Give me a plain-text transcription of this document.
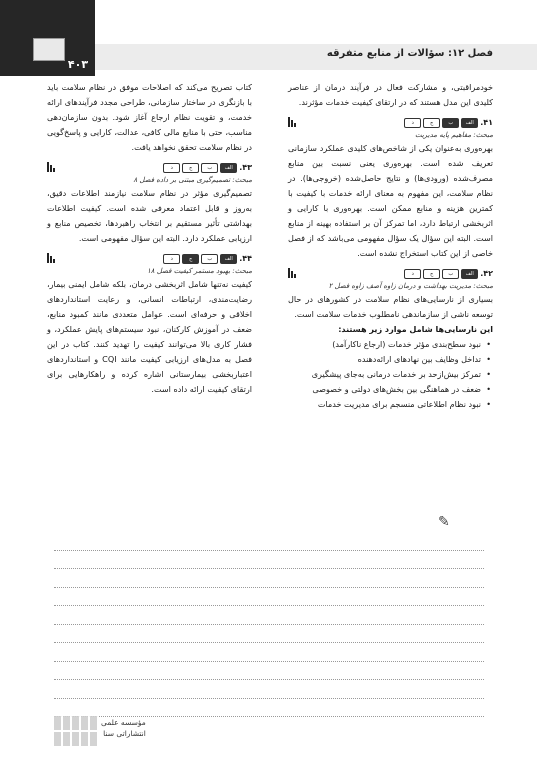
۴۰۳
فصل ۱۲: سؤالات از منابع متفرقه

خودمراقبتی، و مشارکت فعال در فرآیند درمان از عناصر کلیدی این مدل هستند که در ارتقای کیفیت خدمات مؤثرند.

۴۱.
الف
ب
ج
د
مبحث: مفاهیم پایه مدیریت

بهره‌وری به‌عنوان یکی از شاخص‌های کلیدی عملکرد سازمانی تعریف شده است. بهره‌وری یعنی نسبت بین منابع مصرف‌شده (ورودی‌ها) و نتایج حاصل‌شده (خروجی‌ها). در نظام سلامت، این مفهوم به معنای ارائه خدمات با کیفیت با کمترین هزینه و منابع ممکن است. بهره‌وری با کارایی و اثربخشی ارتباط دارد، اما تمرکز آن بر استفاده بهینه از منابع است. البته این سؤال یک سؤال مفهومی می‌باشد که از فصل خاصی از این کتاب استخراج نشده است.

۴۲.
الف
ب
ج
د
مبحث: مدیریت بهداشت و درمان زاوه آصف زاوه فصل ۲

بسیاری از نارسایی‌های نظام سلامت در کشورهای در حال توسعه ناشی از سازماندهی نامطلوب خدمات سلامت است.

این نارسایی‌ها شامل موارد زیر هستند:

• نبود سطح‌بندی مؤثر خدمات (ارجاع ناکارآمد)
• تداخل وظایف بین نهادهای ارائه‌دهنده
• تمرکز بیش‌ازحد بر خدمات درمانی به‌جای پیشگیری
• ضعف در هماهنگی بین بخش‌های دولتی و خصوصی
• نبود نظام اطلاعاتی منسجم برای مدیریت خدمات

کتاب تصریح می‌کند که اصلاحات موفق در نظام سلامت باید با بازنگری در ساختار سازمانی، طراحی مجدد فرآیندهای ارائه خدمت، و تقویت نظام ارجاع آغاز شود. بدون سازمان‌دهی مناسب، حتی با منابع مالی کافی، عدالت، کارایی و پاسخ‌گویی در نظام سلامت تحقق نخواهد یافت.

۴۳.
الف
ب
ج
د
مبحث: تصمیم‌گیری مبتنی بر داده فصل ۸

تصمیم‌گیری مؤثر در نظام سلامت نیازمند اطلاعات دقیق، به‌روز و قابل اعتماد معرفی شده است. کیفیت اطلاعات بهداشتی تأثیر مستقیم بر انتخاب راهبردها، تخصیص منابع و ارزیابی عملکرد دارد. البته این سؤال مفهومی است.

۴۴.
الف
ب
ج
د
مبحث: بهبود مستمر کیفیت فصل ۱۸

کیفیت نه‌تنها شامل اثربخشی درمان، بلکه شامل ایمنی بیمار، رضایت‌مندی، ارتباطات انسانی، و رعایت استانداردهای اخلاقی و حرفه‌ای است. عوامل متعددی مانند کمبود منابع، ضعف در آموزش کارکنان، نبود سیستم‌های پایش عملکرد، و فشار کاری بالا می‌توانند کیفیت را تهدید کنند. کتاب در این فصل به مدل‌های ارزیابی کیفیت مانند CQI و استانداردهای اعتباربخشی بیمارستانی اشاره کرده و راهکارهایی برای ارتقای کیفیت ارائه داده است.

✎
مؤسسه علمی
انتشاراتی سنا
